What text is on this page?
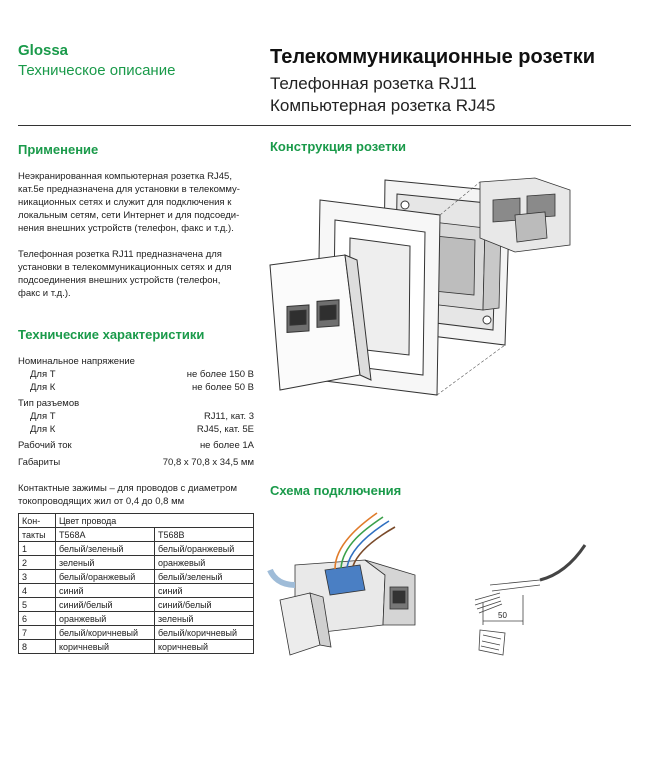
Glossa
Техническое описание
Телекоммуникационные розетки
Телефонная розетка RJ11
Компьютерная розетка RJ45
Применение
Неэкранированная компьютерная розетка RJ45,
кат.5е предназначена для установки в телекомму-
никационных сетях и служит для подключения к
локальным сетям, сети Интернет и для подсоеди-
нения внешних устройств (телефон, факс и т.д.).
Телефонная розетка RJ11 предназначена для
установки в телекоммуникационных сетях и для
подсоединения внешних устройств (телефон,
факс и т.д.).
Технические характеристики
Номинальное напряжение
Для Т	не более 150 В
Для К	не более 50 В
Тип разъемов
Для Т	RJ11, кат. 3
Для К	RJ45, кат. 5Е
Рабочий ток	не более 1А
Габариты	70,8 x 70,8 x 34,5 мм
Контактные зажимы – для проводов с диаметром
токопроводящих жил от 0,4 до 0,8 мм
Кон-	Цвет провода	
такты	T568A	T568B
1	белый/зеленый	белый/оранжевый
2	зеленый	оранжевый
3	белый/оранжевый	белый/зеленый
4	синий	синий
5	синий/белый	синий/белый
6	оранжевый	зеленый
7	белый/коричневый	белый/коричневый
8	коричневый	коричневый
Конструкция розетки
Схема подключения
50
